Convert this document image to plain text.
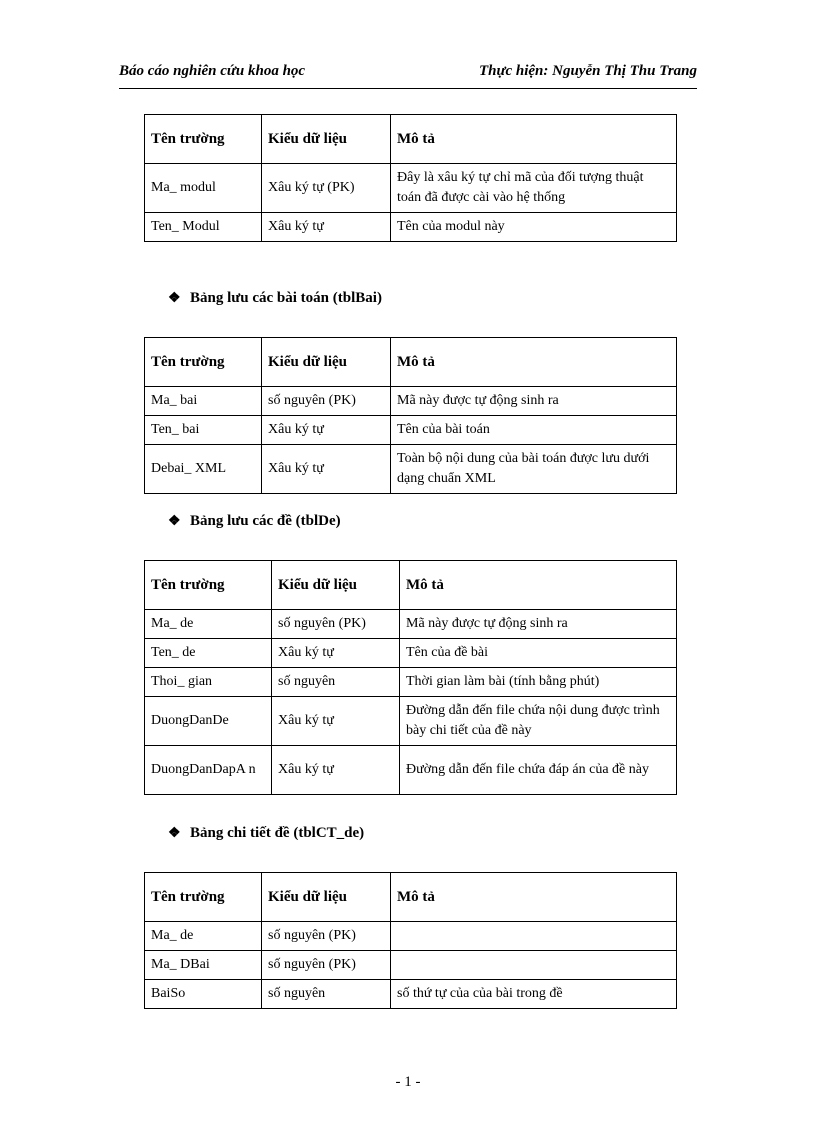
Báo cáo nghiên cứu khoa học	Thực hiện: Nguyễn Thị Thu Trang
Tên trường	Kiểu dữ liệu	Mô tả
Ma_ modul	Xâu ký tự (PK)	Đây là xâu ký tự chỉ mã của đối tượng thuật toán đã được cài vào hệ thống
Ten_ Modul	Xâu ký tự	Tên của modul này
❖ Bảng lưu các bài toán (tblBai)
Tên trường	Kiểu dữ liệu	Mô tả
Ma_ bai	số nguyên (PK)	Mã này được tự động sinh ra
Ten_ bai	Xâu ký tự	Tên của bài toán
Debai_ XML	Xâu ký tự	Toàn bộ nội dung của bài toán được lưu dưới dạng chuẩn XML
❖ Bảng lưu các đề (tblDe)
Tên trường	Kiểu dữ liệu	Mô tả
Ma_ de	số nguyên (PK)	Mã này được tự động sinh ra
Ten_ de	Xâu ký tự	Tên của đề bài
Thoi_ gian	số nguyên	Thời gian làm bài (tính bằng phút)
DuongDanDe	Xâu ký tự	Đường dẫn đến file chứa nội dung được trình bày chi tiết của đề này
DuongDanDapA n	Xâu ký tự	Đường dẫn đến file chứa đáp án của đề này
❖ Bảng chi tiết đề (tblCT_de)
Tên trường	Kiểu dữ liệu	Mô tả
Ma_ de	số nguyên (PK)	
Ma_ DBai	số nguyên (PK)	
BaiSo	số nguyên	số thứ tự của của bài trong đề
- 1 -
